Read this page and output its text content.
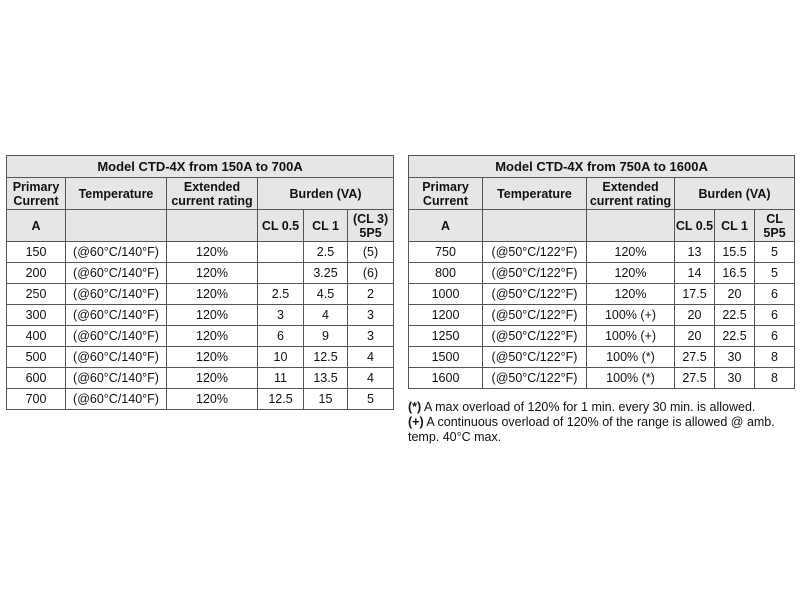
Model CTD-4X from 150A to 700A					
Primary Current	Temperature	Extended current rating	Burden (VA)		
A			CL 0.5	CL 1	(CL 3) 5P5
150	(@60°C/140°F)	120%		2.5	(5)
200	(@60°C/140°F)	120%		3.25	(6)
250	(@60°C/140°F)	120%	2.5	4.5	2
300	(@60°C/140°F)	120%	3	4	3
400	(@60°C/140°F)	120%	6	9	3
500	(@60°C/140°F)	120%	10	12.5	4
600	(@60°C/140°F)	120%	11	13.5	4
700	(@60°C/140°F)	120%	12.5	15	5
Model CTD-4X from 750A to 1600A					
Primary Current	Temperature	Extended current rating	Burden (VA)		
A			CL 0.5	CL 1	CL 5P5
750	(@50°C/122°F)	120%	13	15.5	5
800	(@50°C/122°F)	120%	14	16.5	5
1000	(@50°C/122°F)	120%	17.5	20	6
1200	(@50°C/122°F)	100% (+)	20	22.5	6
1250	(@50°C/122°F)	100% (+)	20	22.5	6
1500	(@50°C/122°F)	100% (*)	27.5	30	8
1600	(@50°C/122°F)	100% (*)	27.5	30	8

(*) A max overload of 120% for 1 min. every 30 min. is allowed.

(+) A continuous overload of 120% of the range is allowed @ amb. temp. 40°C max.
